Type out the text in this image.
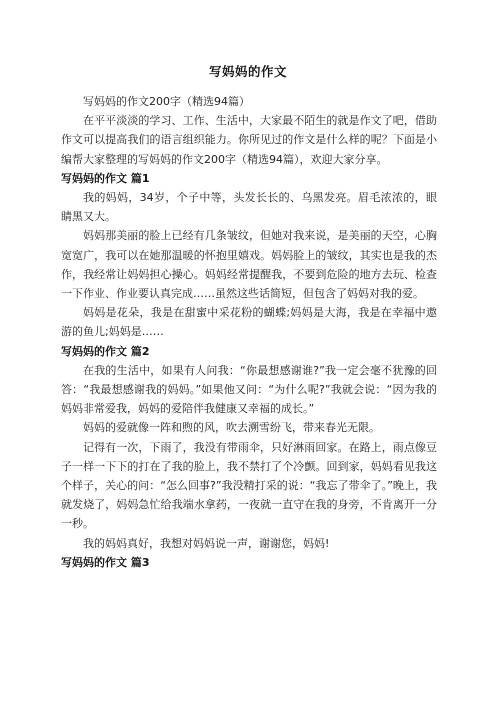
写妈妈的作文

写妈妈的作文200字（精选94篇）

在平平淡淡的学习、工作、生活中，大家最不陌生的就是作文了吧，借助作文可以提高我们的语言组织能力。你所见过的作文是什么样的呢？下面是小编帮大家整理的写妈妈的作文200字（精选94篇），欢迎大家分享。

写妈妈的作文 篇1

我的妈妈，34岁，个子中等，头发长长的、乌黑发亮。眉毛浓浓的，眼睛黑又大。

妈妈那美丽的脸上已经有几条皱纹，但她对我来说，是美丽的天空，心胸宽宽广，我可以在她那温暖的怀抱里嬉戏。妈妈脸上的皱纹，其实也是我的杰作，我经常让妈妈担心操心。妈妈经常提醒我，不要到危险的地方去玩、检查一下作业、作业要认真完成……虽然这些话简短，但包含了妈妈对我的爱。

妈妈是花朵，我是在甜蜜中采花粉的蝴蝶;妈妈是大海，我是在幸福中遨游的鱼儿;妈妈是……

写妈妈的作文 篇2

在我的生活中，如果有人问我：“你最想感谢谁?”我一定会毫不犹豫的回答：“我最想感谢我的妈妈。”如果他又问：“为什么呢?”我就会说：“因为我的妈妈非常爱我，妈妈的爱陪伴我健康又幸福的成长。”

妈妈的爱就像一阵和煦的风，吹去溯雪纷飞，带来春光无限。

记得有一次，下雨了，我没有带雨伞，只好淋雨回家。在路上，雨点像豆子一样一下下的打在了我的脸上，我不禁打了个冷颤。回到家，妈妈看见我这个样子，关心的问：“怎么回事?”我没精打采的说：“我忘了带伞了。”晚上，我就发烧了，妈妈急忙给我端水拿药，一夜就一直守在我的身旁，不肯离开一分一秒。

我的妈妈真好，我想对妈妈说一声，谢谢您，妈妈!

写妈妈的作文 篇3
